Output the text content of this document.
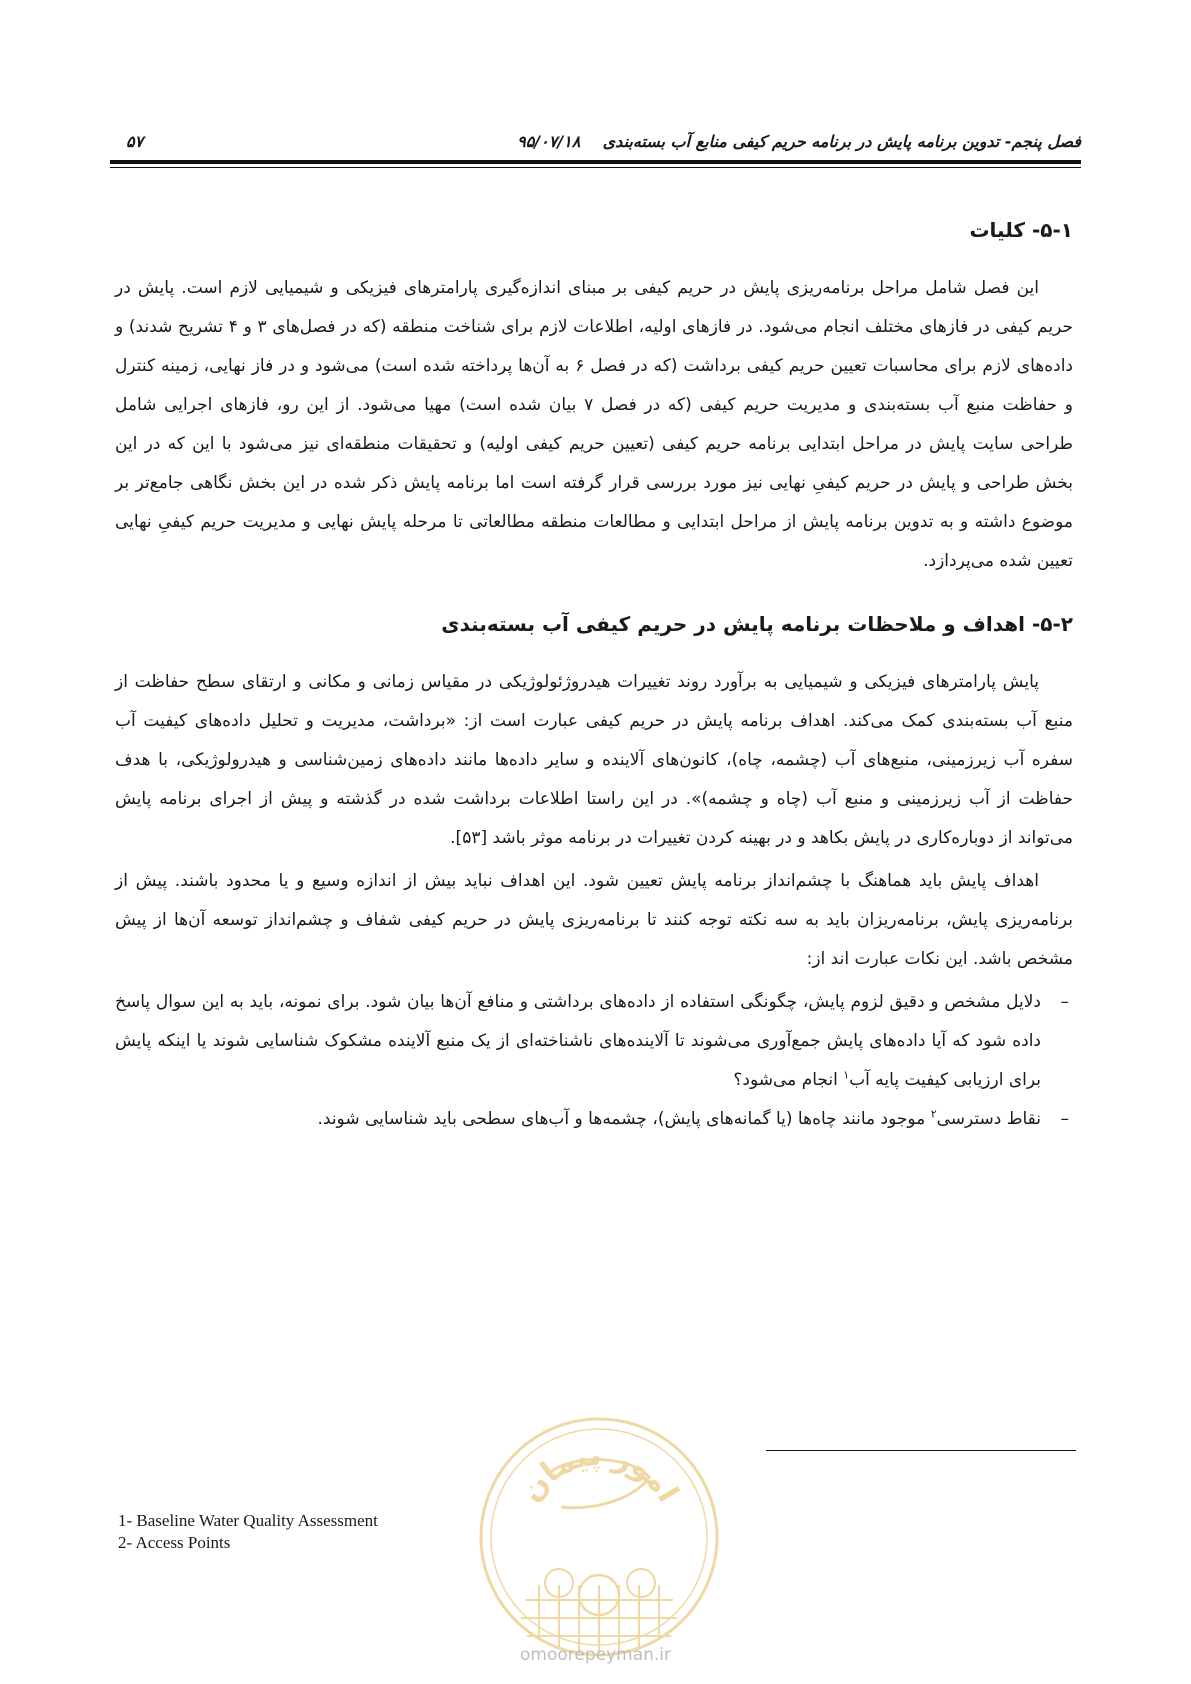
فصل پنجم- تدوین برنامه پایش در برنامه حریم کیفی منابع آب بسته‌بندی    ۹۵/۰۷/۱۸
۵۷
۵-۱- کلیات

این فصل شامل مراحل برنامه‌ریزی پایش در حریم کیفی بر مبنای اندازه‌گیری پارامترهای فیزیکی و شیمیایی لازم است. پایش در حریم کیفی در فازهای مختلف انجام می‌شود. در فازهای اولیه، اطلاعات لازم برای شناخت منطقه (که در فصل‌های ۳ و ۴ تشریح شدند) و داده‌های لازم برای محاسبات تعیین حریم کیفی برداشت (که در فصل ۶ به آن‌ها پرداخته شده است) می‌شود و در فاز نهایی، زمینه کنترل و حفاظت منبع آب بسته‌بندی و مدیریت حریم کیفی (که در فصل ۷ بیان شده است) مهیا می‌شود. از این رو، فازهای اجرایی شامل طراحی سایت پایش در مراحل ابتدایی برنامه حریم کیفی (تعیین حریم کیفی اولیه) و تحقیقات منطقه‌ای نیز می‌شود با این که در این بخش طراحی و پایش در حریم کیفیِ نهایی نیز مورد بررسی قرار گرفته است اما برنامه پایش ذکر شده در این بخش نگاهی جامع‌تر بر موضوع داشته و به تدوین برنامه پایش از مراحل ابتدایی و مطالعات منطقه مطالعاتی تا مرحله پایش نهایی و مدیریت حریم کیفیِ نهایی تعیین شده می‌پردازد.

۵-۲- اهداف و ملاحظات برنامه پایش در حریم کیفی آب بسته‌بندی

پایش پارامترهای فیزیکی و شیمیایی به برآورد روند تغییرات هیدروژئولوژیکی در مقیاس زمانی و مکانی و ارتقای سطح حفاظت از منبع آب بسته‌بندی کمک می‌کند. اهداف برنامه پایش در حریم کیفی عبارت است از: «برداشت، مدیریت و تحلیل داده‌های کیفیت آب سفره آب زیرزمینی، منبع‌های آب (چشمه، چاه)، کانون‌های آلاینده و سایر داده‌ها مانند داده‌های زمین‌شناسی و هیدرولوژیکی، با هدف حفاظت از آب زیرزمینی و منبع آب (چاه و چشمه)». در این راستا اطلاعات برداشت شده در گذشته و پیش از اجرای برنامه پایش می‌تواند از دوباره‌کاری در پایش بکاهد و در بهینه کردن تغییرات در برنامه موثر باشد [۵۳].

اهداف پایش باید هماهنگ با چشم‌انداز برنامه پایش تعیین شود. این اهداف نباید بیش از اندازه وسیع و یا محدود باشند. پیش از برنامه‌ریزی پایش، برنامه‌ریزان باید به سه نکته توجه کنند تا برنامه‌ریزی پایش در حریم کیفی شفاف و چشم‌انداز توسعه آن‌ها از پیش مشخص باشد. این نکات عبارت اند از:

–
دلایل مشخص و دقیق لزوم پایش، چگونگی استفاده از داده‌های برداشتی و منافع آن‌ها بیان شود. برای نمونه، باید به این سوال پاسخ داده شود که آیا داده‌های پایش جمع‌آوری می‌شوند تا آلاینده‌های ناشناخته‌ای از یک منبع آلاینده مشکوک شناسایی شوند یا اینکه پایش برای ارزیابی کیفیت پایه آب$^۱$ انجام می‌شود؟
–
نقاط دسترسی$^۲$ موجود مانند چاه‌ها (یا گمانه‌های پایش)، چشمه‌ها و آب‌های سطحی باید شناسایی شوند.
1- Baseline Water Quality Assessment
2- Access Points
امور پیمان
omoorepeyman.ir
